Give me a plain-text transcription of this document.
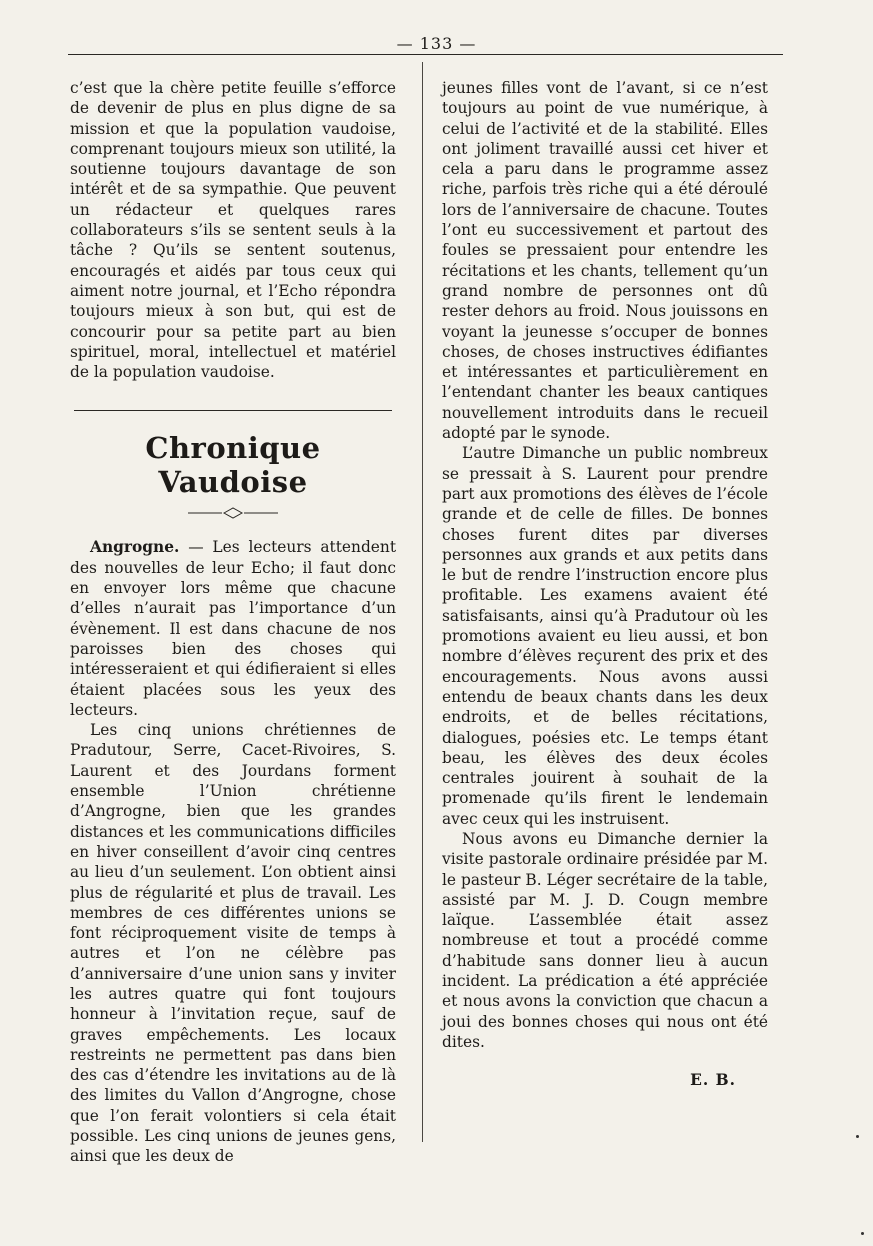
— 133 —

c’est que la chère petite feuille s’efforce de devenir de plus en plus digne de sa mission et que la population vaudoise, comprenant toujours mieux son utilité, la soutienne toujours davantage de son intérêt et de sa sympathie. Que peuvent un rédacteur et quelques rares collaborateurs s’ils se sentent seuls à la tâche ? Qu’ils se sentent soutenus, encouragés et aidés par tous ceux qui aiment notre journal, et l’Echo répondra toujours mieux à son but, qui est de concourir pour sa petite part au bien spirituel, moral, intellectuel et matériel de la population vaudoise.

Chronique Vaudoise

Angrogne. — Les lecteurs attendent des nouvelles de leur Echo; il faut donc en envoyer lors même que chacune d’elles n’aurait pas l’importance d’un évènement. Il est dans chacune de nos paroisses bien des choses qui intéresseraient et qui édifieraient si elles étaient placées sous les yeux des lecteurs.

Les cinq unions chrétiennes de Pradutour, Serre, Cacet-Rivoires, S. Laurent et des Jourdans forment ensemble l’Union chrétienne d’Angrogne, bien que les grandes distances et les communications difficiles en hiver conseillent d’avoir cinq centres au lieu d’un seulement. L’on obtient ainsi plus de régularité et plus de travail. Les membres de ces différentes unions se font réciproquement visite de temps à autres et l’on ne célèbre pas d’anniversaire d’une union sans y inviter les autres quatre qui font toujours honneur à l’invitation reçue, sauf de graves empêchements. Les locaux restreints ne permettent pas dans bien des cas d’étendre les invitations au de là des limites du Vallon d’Angrogne, chose que l’on ferait volontiers si cela était possible. Les cinq unions de jeunes gens, ainsi que les deux de

jeunes filles vont de l’avant, si ce n’est toujours au point de vue numérique, à celui de l’activité et de la stabilité. Elles ont joliment travaillé aussi cet hiver et cela a paru dans le programme assez riche, parfois très riche qui a été déroulé lors de l’anniversaire de chacune. Toutes l’ont eu successivement et partout des foules se pressaient pour entendre les récitations et les chants, tellement qu’un grand nombre de personnes ont dû rester dehors au froid. Nous jouissons en voyant la jeunesse s’occuper de bonnes choses, de choses instructives édifiantes et intéressantes et particulièrement en l’entendant chanter les beaux cantiques nouvellement introduits dans le recueil adopté par le synode.

L’autre Dimanche un public nombreux se pressait à S. Laurent pour prendre part aux promotions des élèves de l’école grande et de celle de filles. De bonnes choses furent dites par diverses personnes aux grands et aux petits dans le but de rendre l’instruction encore plus profitable. Les examens avaient été satisfaisants, ainsi qu’à Pradutour où les promotions avaient eu lieu aussi, et bon nombre d’élèves reçurent des prix et des encouragements. Nous avons aussi entendu de beaux chants dans les deux endroits, et de belles récitations, dialogues, poésies etc. Le temps étant beau, les élèves des deux écoles centrales jouirent à souhait de la promenade qu’ils firent le lendemain avec ceux qui les instruisent.

Nous avons eu Dimanche dernier la visite pastorale ordinaire présidée par M. le pasteur B. Léger secrétaire de la table, assisté par M. J. D. Cougn membre laïque. L’assemblée était assez nombreuse et tout a procédé comme d’habitude sans donner lieu à aucun incident. La prédication a été appréciée et nous avons la conviction que chacun a joui des bonnes choses qui nous ont été dites.

E. B.
